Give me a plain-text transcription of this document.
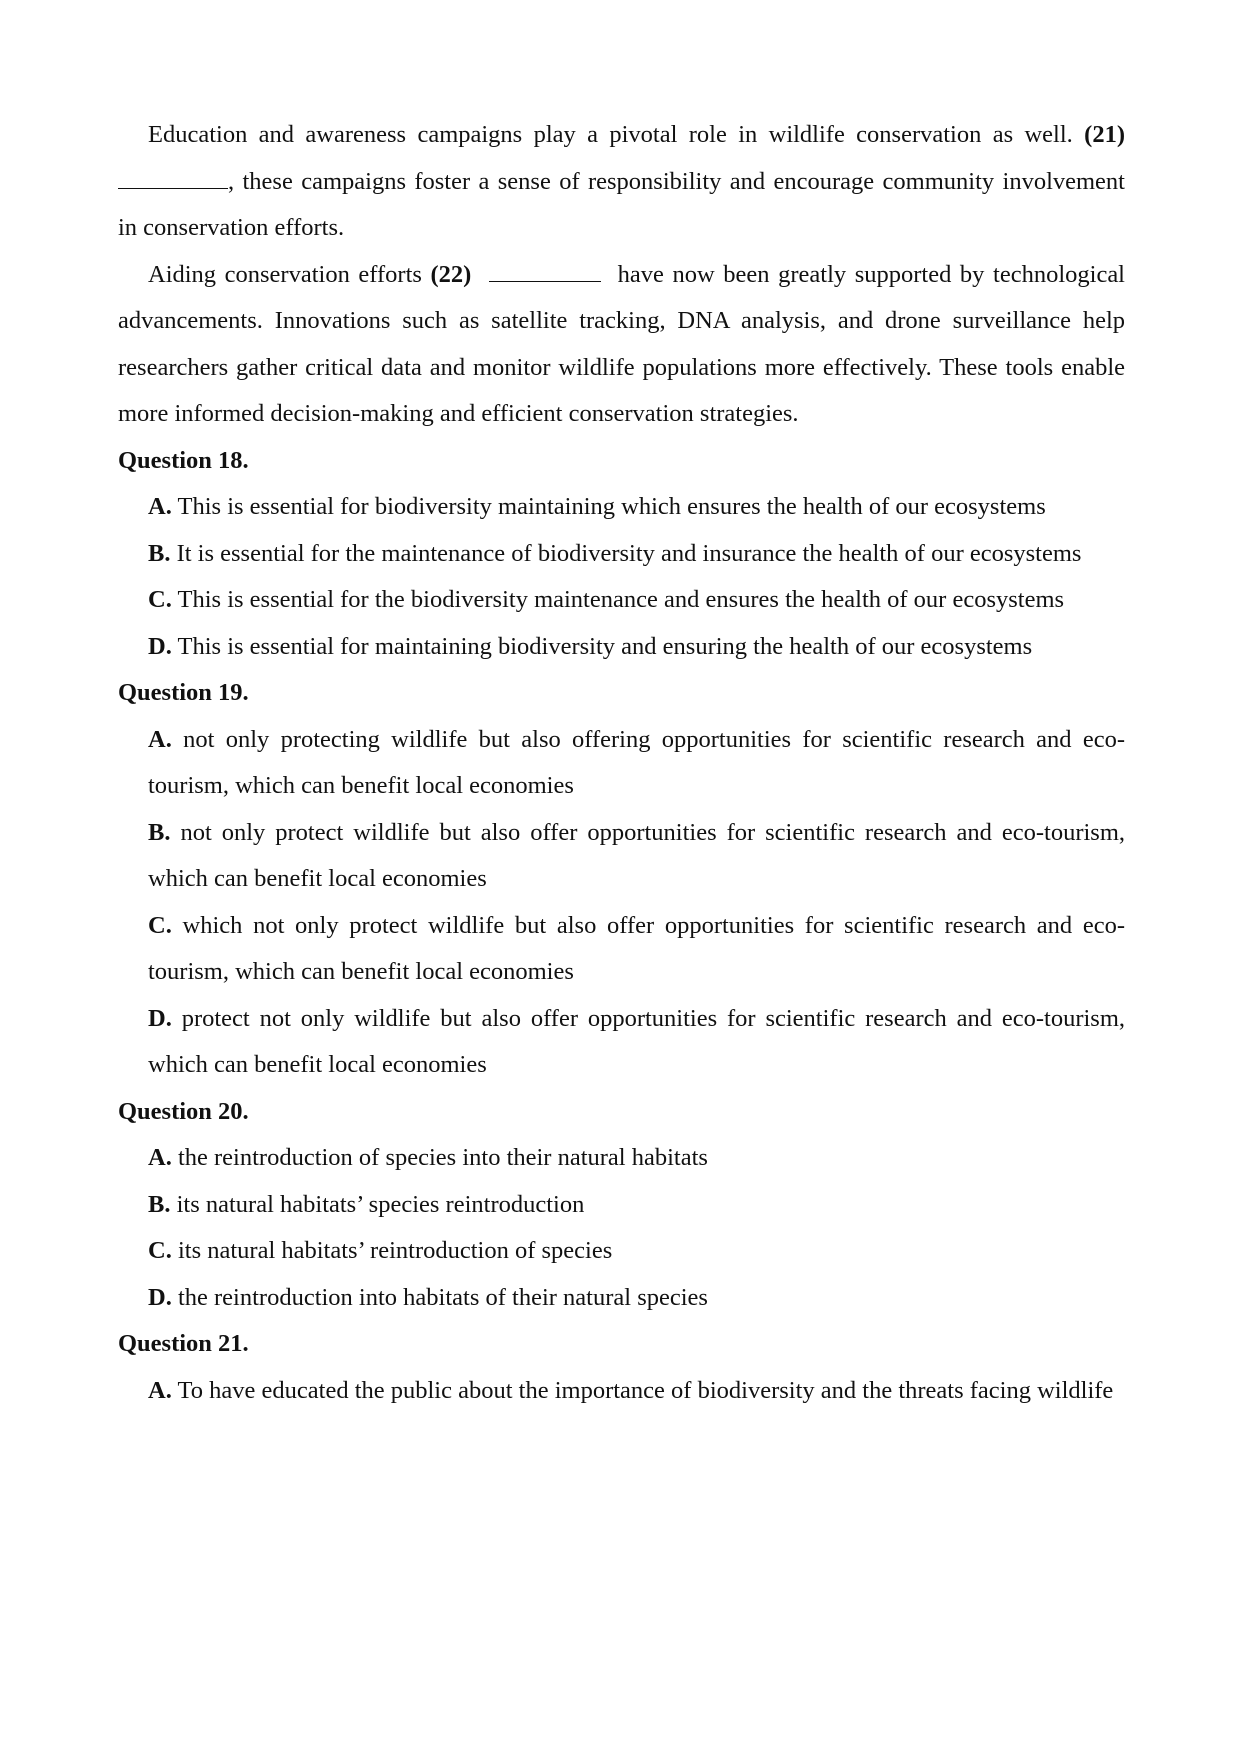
Education and awareness campaigns play a pivotal role in wildlife conservation as well. (21) , these campaigns foster a sense of responsibility and encourage community involvement in conservation efforts.

Aiding conservation efforts (22)	have now been greatly supported by technological advancements. Innovations such as satellite tracking, DNA analysis, and drone surveillance help researchers gather critical data and monitor wildlife populations more effectively. These tools enable more informed decision-making and efficient conservation strategies.

Question 18.

A. This is essential for biodiversity maintaining which ensures the health of our ecosystems

B. It is essential for the maintenance of biodiversity and insurance the health of our ecosystems

C. This is essential for the biodiversity maintenance and ensures the health of our ecosystems

D. This is essential for maintaining biodiversity and ensuring the health of our ecosystems

Question 19.

A. not only protecting wildlife but also offering opportunities for scientific research and eco-tourism, which can benefit local economies

B. not only protect wildlife but also offer opportunities for scientific research and eco-tourism, which can benefit local economies

C. which not only protect wildlife but also offer opportunities for scientific research and eco-tourism, which can benefit local economies

D. protect not only wildlife but also offer opportunities for scientific research and eco-tourism, which can benefit local economies

Question 20.

A. the reintroduction of species into their natural habitats

B. its natural habitats’ species reintroduction

C. its natural habitats’ reintroduction of species

D. the reintroduction into habitats of their natural species

Question 21.

A. To have educated the public about the importance of biodiversity and the threats facing wildlife
